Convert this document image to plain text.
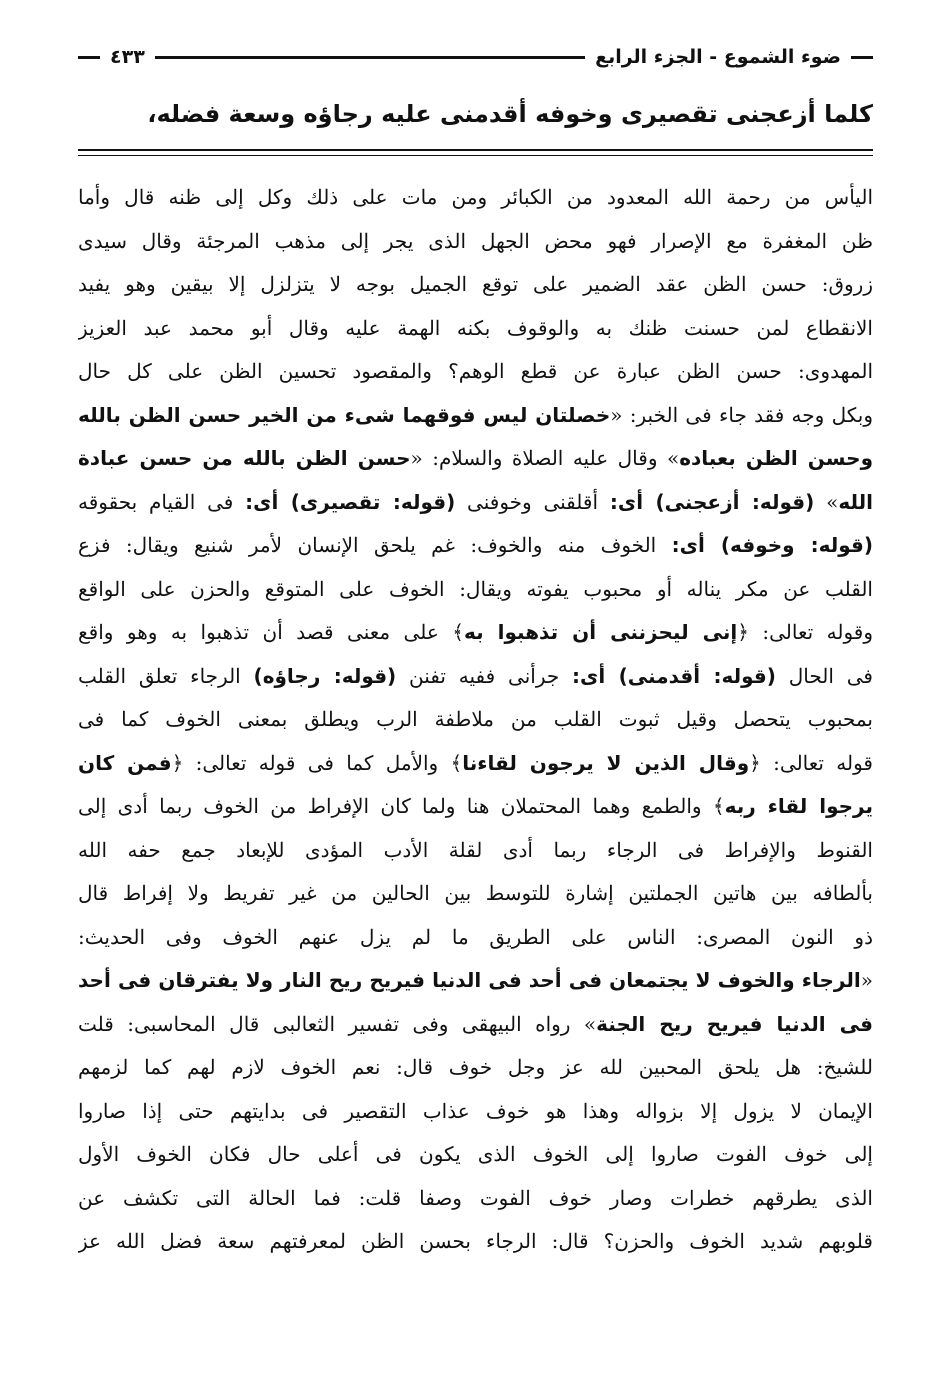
ضوء الشموع - الجزء الرابع
٤٣٣
كلما أزعجنى تقصيرى وخوفه أقدمنى عليه رجاؤه وسعة فضله،
اليأس من رحمة الله المعدود من الكبائر ومن مات على ذلك وكل إلى ظنه قال وأما
ظن المغفرة مع الإصرار فهو محض الجهل الذى يجر إلى مذهب المرجئة وقال سيدى
زروق: حسن الظن عقد الضمير على توقع الجميل بوجه لا يتزلزل إلا بيقين وهو يفيد
الانقطاع لمن حسنت ظنك به والوقوف بكنه الهمة عليه وقال أبو محمد عبد العزيز
المهدوى: حسن الظن عبارة عن قطع الوهم؟ والمقصود تحسين الظن على كل حال
وبكل وجه فقد جاء فى الخبر: «خصلتان ليس فوقهما شىء من الخير حسن الظن بالله
وحسن الظن بعباده» وقال عليه الصلاة والسلام: «حسن الظن بالله من حسن عبادة
الله» (قوله: أزعجنى) أى: أقلقنى وخوفنى (قوله: تقصيرى) أى: فى القيام بحقوقه
(قوله: وخوفه) أى: الخوف منه والخوف: غم يلحق الإنسان لأمر شنيع ويقال: فزع
القلب عن مكر يناله أو محبوب يفوته ويقال: الخوف على المتوقع والحزن على الواقع
وقوله تعالى: ﴿إنى ليحزننى أن تذهبوا به﴾ على معنى قصد أن تذهبوا به وهو واقع
فى الحال (قوله: أقدمنى) أى: جرأنى ففيه تفنن (قوله: رجاؤه) الرجاء تعلق القلب
بمحبوب يتحصل وقيل ثبوت القلب من ملاطفة الرب ويطلق بمعنى الخوف كما فى
قوله تعالى: ﴿وقال الذين لا يرجون لقاءنا﴾ والأمل كما فى قوله تعالى: ﴿فمن كان
يرجوا لقاء ربه﴾ والطمع وهما المحتملان هنا ولما كان الإفراط من الخوف ربما أدى إلى
القنوط والإفراط فى الرجاء ربما أدى لقلة الأدب المؤدى للإبعاد جمع حفه الله
بألطافه بين هاتين الجملتين إشارة للتوسط بين الحالين من غير تفريط ولا إفراط قال
ذو النون المصرى: الناس على الطريق ما لم يزل عنهم الخوف وفى الحديث:
«الرجاء والخوف لا يجتمعان فى أحد فى الدنيا فيريح ريح النار ولا يفترقان فى أحد
فى الدنيا فيريح ريح الجنة» رواه البيهقى وفى تفسير الثعالبى قال المحاسبى: قلت
للشيخ: هل يلحق المحبين لله عز وجل خوف قال: نعم الخوف لازم لهم كما لزمهم
الإيمان لا يزول إلا بزواله وهذا هو خوف عذاب التقصير فى بدايتهم حتى إذا صاروا
إلى خوف الفوت صاروا إلى الخوف الذى يكون فى أعلى حال فكان الخوف الأول
الذى يطرقهم خطرات وصار خوف الفوت وصفا قلت: فما الحالة التى تكشف عن
قلوبهم شديد الخوف والحزن؟ قال: الرجاء بحسن الظن لمعرفتهم سعة فضل الله عز
